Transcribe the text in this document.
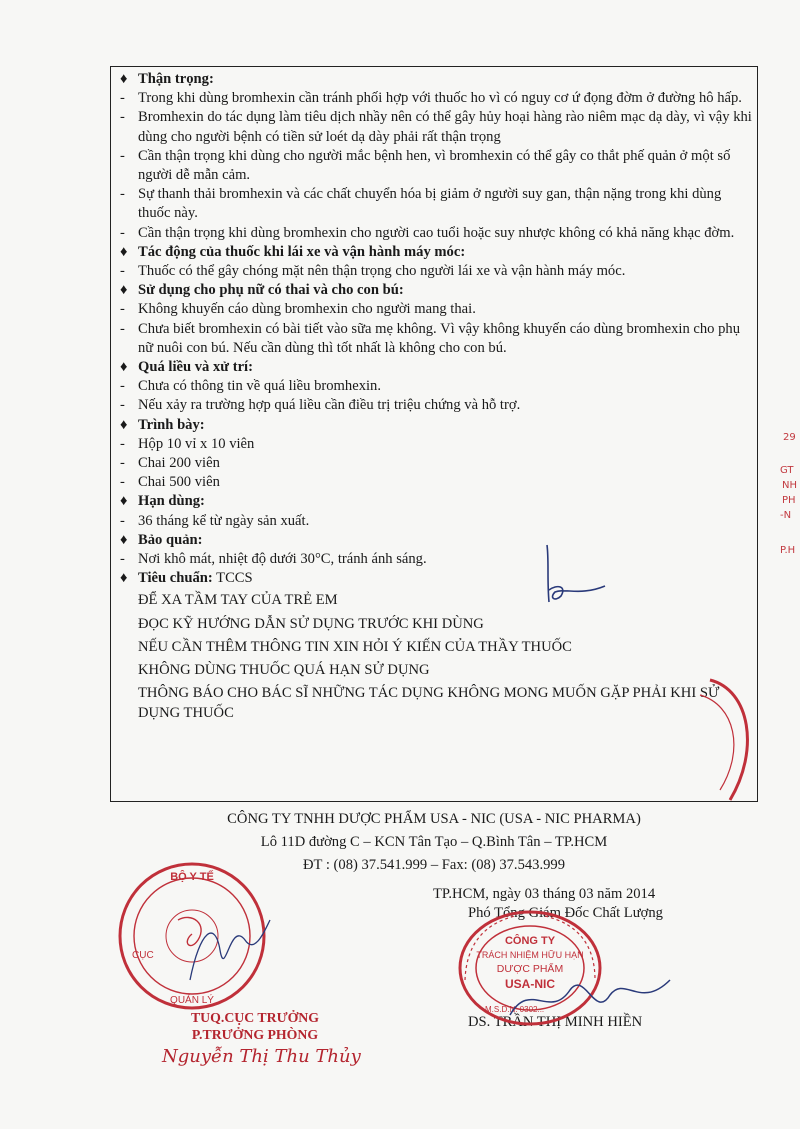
♦ Thận trọng:
- Trong khi dùng bromhexin cần tránh phối hợp với thuốc ho vì có nguy cơ ứ đọng đờm ở đường hô hấp.
- Bromhexin do tác dụng làm tiêu dịch nhầy nên có thể gây hủy hoại hàng rào niêm mạc dạ dày, vì vậy khi dùng cho người bệnh có tiền sử loét dạ dày phải rất thận trọng
- Cần thận trọng khi dùng cho người mắc bệnh hen, vì bromhexin có thể gây co thắt phế quản ở một số người dễ mẫn cảm.
- Sự thanh thải bromhexin và các chất chuyển hóa bị giảm ở người suy gan, thận nặng trong khi dùng thuốc này.
- Cần thận trọng khi dùng bromhexin cho người cao tuổi hoặc suy nhược không có khả năng khạc đờm.
♦ Tác động của thuốc khi lái xe và vận hành máy móc:
- Thuốc có thể gây chóng mặt nên thận trọng cho người lái xe và vận hành máy móc.
♦ Sử dụng cho phụ nữ có thai và cho con bú:
- Không khuyến cáo dùng bromhexin cho người mang thai.
- Chưa biết bromhexin có bài tiết vào sữa mẹ không. Vì vậy không khuyến cáo dùng bromhexin cho phụ nữ nuôi con bú. Nếu cần dùng thì tốt nhất là không cho con bú.
♦ Quá liều và xử trí:
- Chưa có thông tin về quá liều bromhexin.
- Nếu xảy ra trường hợp quá liều cần điều trị triệu chứng và hỗ trợ.
♦ Trình bày:
- Hộp 10 vỉ x 10 viên
- Chai 200 viên
- Chai 500 viên
♦ Hạn dùng:
- 36 tháng kể từ ngày sản xuất.
♦ Bảo quản:
- Nơi khô mát, nhiệt độ dưới 30°C, tránh ánh sáng.
♦ Tiêu chuẩn: TCCS
ĐỂ XA TẦM TAY CỦA TRẺ EM
ĐỌC KỸ HƯỚNG DẪN SỬ DỤNG TRƯỚC KHI DÙNG
NẾU CẦN THÊM THÔNG TIN XIN HỎI Ý KIẾN CỦA THẦY THUỐC
KHÔNG DÙNG THUỐC QUÁ HẠN SỬ DỤNG
THÔNG BÁO CHO BÁC SĨ NHỮNG TÁC DỤNG KHÔNG MONG MUỐN GẶP PHẢI KHI SỬ DỤNG THUỐC
CÔNG TY TNHH DƯỢC PHẨM USA - NIC (USA - NIC PHARMA)
Lô 11D đường C – KCN Tân Tạo – Q.Bình Tân – TP.HCM
ĐT : (08) 37.541.999 – Fax: (08) 37.543.999
TP.HCM, ngày 03 tháng 03 năm 2014
Phó Tổng Giám Đốc Chất Lượng
DS. TRẦN THỊ MINH HIỀN
CÔNG TY
TRÁCH NHIỆM HỮU HẠN
DƯỢC PHẨM
USA-NIC
M.S.D.N: 0302...
BỘ Y TẾ
CỤC
QUẢN LÝ
TUQ.CỤC TRƯỞNG
P.TRƯỞNG PHÒNG
Nguyễn Thị Thu Thủy
29
GT
NH
PH
-N
P.H
